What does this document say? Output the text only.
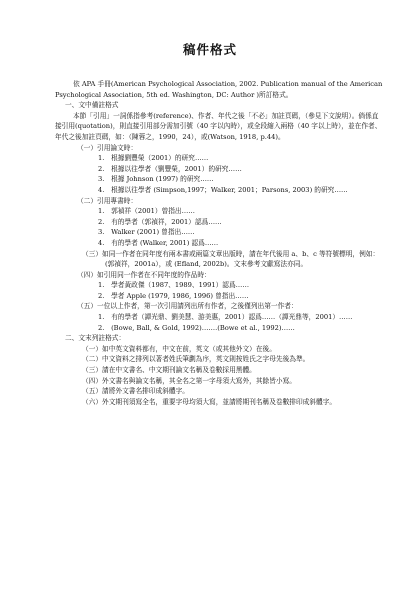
稿件格式

依 APA 手冊(American Psychological Association, 2002. Publication manual of the American Psychological Association, 5th ed. Washington, DC: Author )所訂格式。

一、文中備註格式

本節「引用」一詞係指參考(reference)、作者、年代之後「不必」加註頁碼，（參見下文說明）。倘係直接引用(quotation)，則直接引用部分需加引號（40 字以內時），或全段縮入兩格（40 字以上時），並在作者、年代之後加註頁碼，如：（陳蓉之，1990，24），或(Watson, 1918, p.44)。

（一）引用論文時：

1.　根據劉豐榮（2001）的研究……

2.　根據以往學者（劉豐榮，2001）的研究……

3.　根據 Johnson (1997) 的研究……

4.　根據以往學者 (Simpson,1997；Walker, 2001；Parsons, 2003) 的研究……

（二）引用專書時：

1.　郭禎祥（2001）曾指出……

2.　有的學者（郭禎祥，2001）認爲……

3.　Walker (2001) 曾指出……

4.　有的學者 (Walker, 2001) 認爲……

（三）如同一作者在同年度有兩本書或兩篇文章出版時，請在年代後用 a、b、c 等符號標明，例如：(郭禎祥，2001a），或 (Efland, 2002b)。文末參考文獻寫法亦同。

（四）如引用同一作者在不同年度的作品時：

1.　學者黃政傑（1987、1989、1991）認爲……

2.　學者 Apple (1979, 1986, 1996) 曾指出……

（五）一位以上作者，第一次引用請列出所有作者，之後僅列出第一作者：

1.　有的學者（譚光鼎、劉美慧、游美惠，2001）認爲……（譚光鼎等，2001）……

2.　(Bowe, Ball, & Gold, 1992)…….(Bowe et al., 1992)……

二、文末列註格式：

（一）如中英文資料都有，中文在前，英文（或其他外文）在後。

（二）中文資料之排列以著者姓氏筆劃為序，英文則按姓氏之字母先後為準。

（三）請在中文書名、中文期刊論文名稱及卷數採用黑體。

（四）外文書名與論文名稱，其全名之第一字母須大寫外，其餘皆小寫。

（五）請將外文書名排印成斜體字。

（六）外文期刊須寫全名，重要字母均須大寫，並請將期刊名稱及卷數排印成斜體字。
